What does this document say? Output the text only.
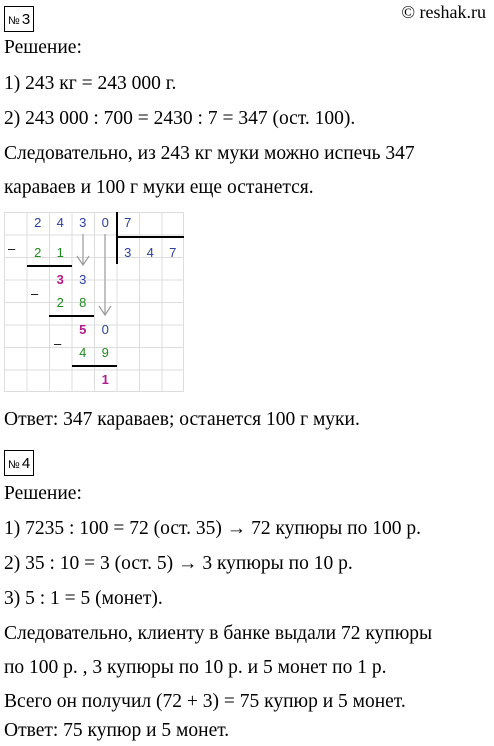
№ 3	© reshak.ru
Решение:
1) 243 кг = 243 000 г.
2) 243 000 : 700 = 2430 : 7 = 347 (ост. 100).
Следовательно, из 243 кг муки можно испечь 347
караваев и 100 г муки еще останется.
2	4	3	0	7
3	4	7
–	2	1
3	3
–
2	8
5	0
–
4	9
1
Ответ: 347 караваев; останется 100 г муки.
№ 4
Решение:
1) 7235 : 100 = 72 (ост. 35) → 72 купюры по 100 р.
2) 35 : 10 = 3 (ост. 5) → 3 купюры по 10 р.
3) 5 : 1 = 5 (монет).
Следовательно, клиенту в банке выдали 72 купюры
по 100 р. , 3 купюры по 10 р. и 5 монет по 1 р.
Всего он получил (72 + 3) = 75 купюр и 5 монет.
Ответ: 75 купюр и 5 монет.
